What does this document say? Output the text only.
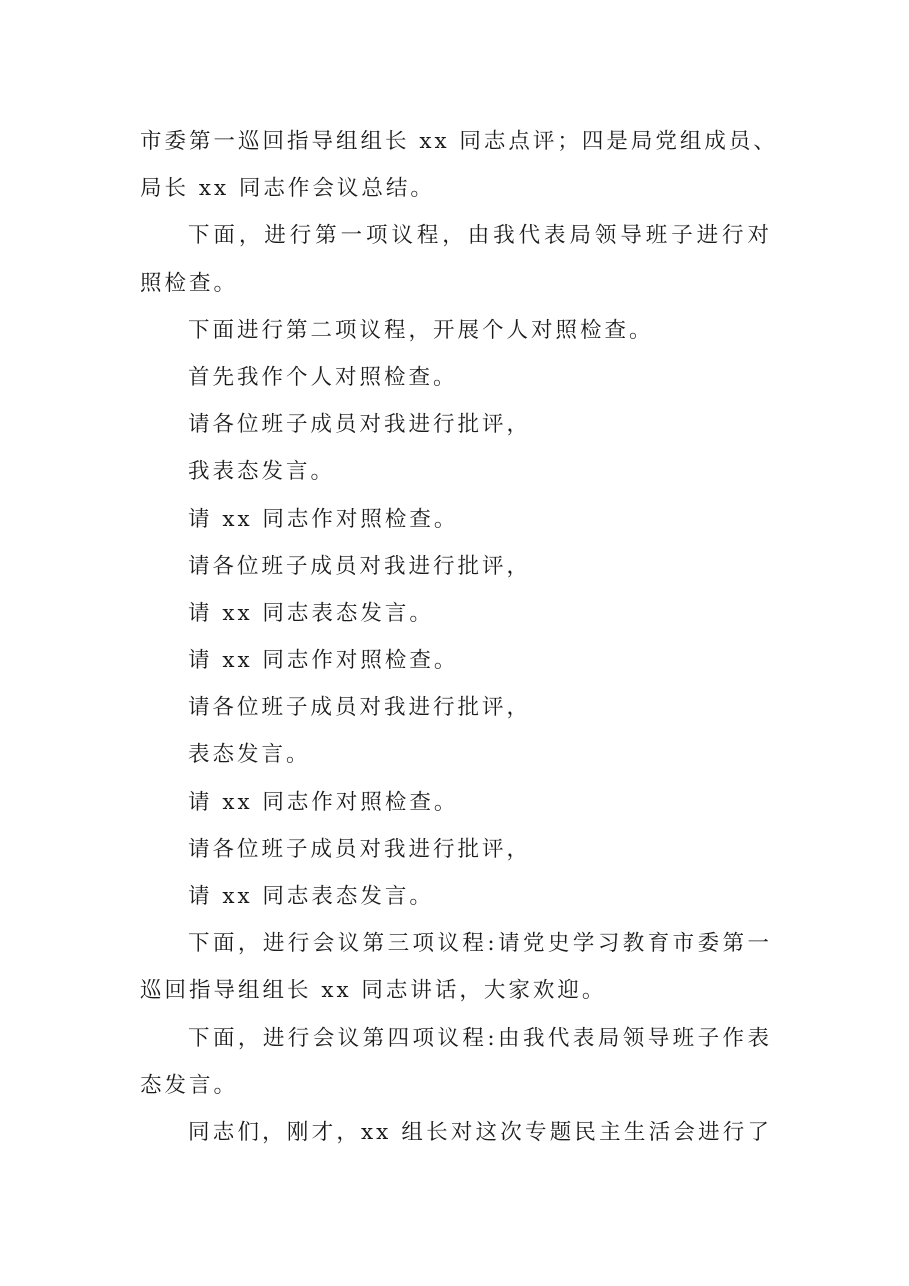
市委第一巡回指导组组长 xx 同志点评；四是局党组成员、
局长 xx 同志作会议总结。
下面，进行第一项议程，由我代表局领导班子进行对
照检查。
下面进行第二项议程，开展个人对照检查。
首先我作个人对照检查。
请各位班子成员对我进行批评，
我表态发言。
请 xx 同志作对照检查。
请各位班子成员对我进行批评，
请 xx 同志表态发言。
请 xx 同志作对照检查。
请各位班子成员对我进行批评，
表态发言。
请 xx 同志作对照检查。
请各位班子成员对我进行批评，
请 xx 同志表态发言。
下面，进行会议第三项议程:请党史学习教育市委第一
巡回指导组组长 xx 同志讲话，大家欢迎。
下面，进行会议第四项议程:由我代表局领导班子作表
态发言。
同志们，刚才，xx 组长对这次专题民主生活会进行了
